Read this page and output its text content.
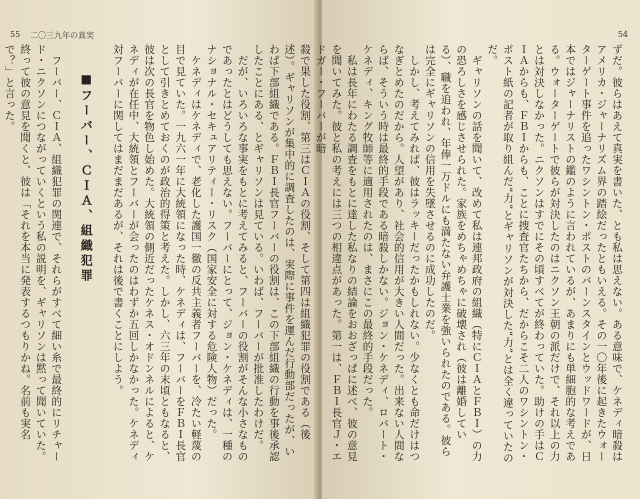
55 二〇三九年の真実

殺で果した役割、第三はＣＩＡの役割、そして第四は組織犯罪の役割である（後述）。ギャリソンが集中的に調査したのは、実際に事件を運んだ行動部だったが、いわば下部組織である。ＦＢＩ長官フーバーの役割は、この下部組織の行動を事後承認したことにある、とギャリソンは見ている。いわば、フーバーが批准したわけだ。

だが、いろいろな事実をもとに考えてみると、フーバーの役割がそんな小さなものであったとはどうしても思えない。フーバーにとって、ジョン・ケネディは、一種のナショナル・セキュアリティー・リスク（国家安全に対する危険人物）だった。

ケネディはケネディで、老化した護国一徹の反共主義者フーバーを、冷たい軽蔑の目で見ていた。一九六一年に大統領になった時、ケネディは、フーバーをＦＢＩ長官として引きとめておくのが政治的得策と考えた。しかし、六三年の末頃ともなると、彼は次の長官を物色し始めた。大統領の側近だったケネス・オドンネルによると、ケネディが在任中、大統領とフーバーが会ったのはわずか五回しかなかった。ケネディ対フーバーに関してはまだまだあるが、それは後で書くことにしよう。

■フーバー、ＣＩＡ、組織犯罪

フーバー、ＣＩＡ、組織犯罪の関連で、それらがすべて細い糸で最終的にリチャード・ニクソンにつながっていくという私の説明を、ギャリソンは黙って聞いていた。終って彼の意見を聞くと、彼は「それを本当に発表するつもりかね。名前も実名で？」と言った。

54

ずだ。彼らはあえて真実を書いた、とも私は思えない。ある意味で、ケネディ暗殺はアメリカ・ジャーナリズム界の踏絵だったともいえる。その一〇年後に起きたウォーターゲート事件を追ったワシントン・ポストのバーンスタインとウッドワードが、日本ではジャーナリストの鑑のように言われているが、あまりにも単細胞的な考えである。ウォーターゲートで彼らが対決したのはニクソン王朝の派だけで、それ以上の力とは対決しなかった。ニクソンはすでにその頃すべてが終わっていた。助けの手はＣＩＡからも、ＦＢＩからも、ことに捜査官たちから、だからこそ二人のワシントン・ポスト紙の記者が取り組んだ“力”とギャリソンが対決した“力”とは全く違っていたのだ。

ギャリソンの話を聞いて、改めて私は連邦政府の組織（特にＣＩＡとＦＢＩ）の力の恐ろしさを感じさせられた。家族をめちゃめちゃに破壊され（彼は離婚している）、職を追われ、年俸一万ドルにも満たない弁護士業を強いられたのである。彼らは完全にギャリソンの信用を失墜させるのに成功したのだ。

しかし、考えてみれば、彼はラッキーだったかもしれない。少なくとも命だけはつなぎとめたのだから。人望があり、社会的信用が大きい人間だった。出来ない人間ならば、そういう時は最終的手段である暗殺しかない。ジョン・ケネディ、ロバート・ケネディ、キング牧師等に適用されたのは、まさにこの最終的手段だった。

私は長年にわたる調査をもとに達した私なりの結論をおおざっぱに述べ、彼の意見を聞いてみた。彼と私の考えには三つの相違点があった。第一は、ＦＢＩ長官Ｊ・エドガー・フーバーが暗
